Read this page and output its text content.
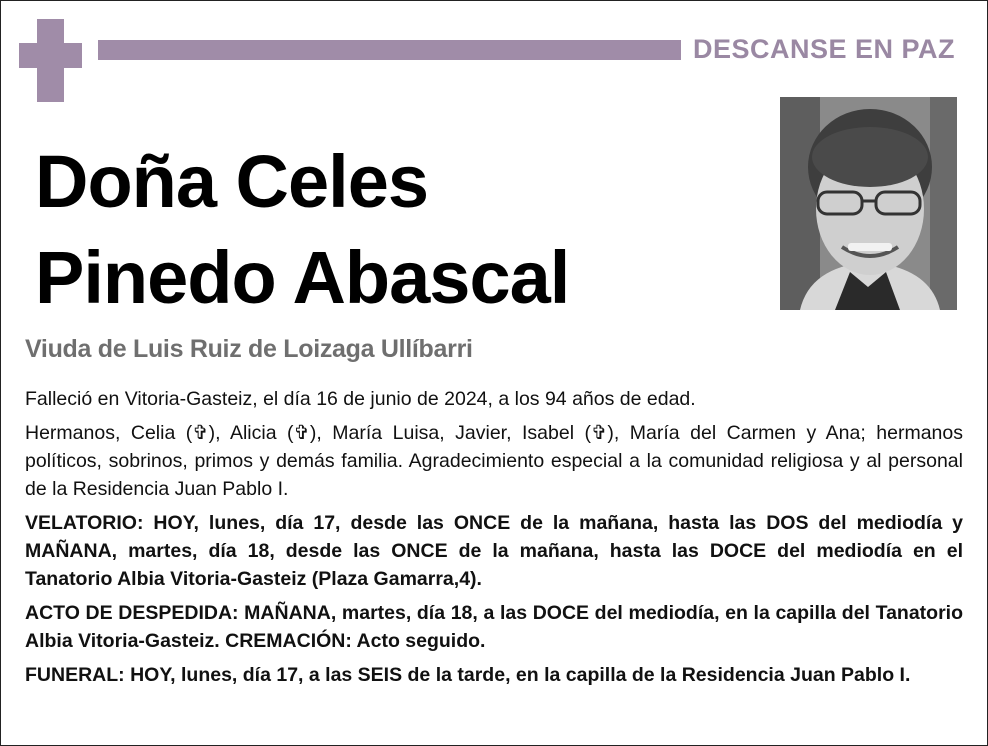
DESCANSE EN PAZ
Doña Celes
Pinedo Abascal
Viuda de Luis Ruiz de Loizaga Ullíbarri

Falleció en Vitoria-Gasteiz, el día 16 de junio de 2024, a los 94 años de edad.

Hermanos, Celia (✞), Alicia (✞), María Luisa, Javier, Isabel (✞), María del Carmen y Ana; hermanos políticos, sobrinos, primos y demás familia. Agradecimiento especial a la comunidad religiosa y al personal de la Residencia Juan Pablo I.

VELATORIO: HOY, lunes, día 17, desde las ONCE de la mañana, hasta las DOS del mediodía y MAÑANA, martes, día 18, desde las ONCE de la mañana, hasta las DOCE del mediodía en el Tanatorio Albia Vitoria-Gasteiz (Plaza Gamarra,4).

ACTO DE DESPEDIDA: MAÑANA, martes, día 18, a las DOCE del mediodía, en la capilla del Tanatorio Albia Vitoria-Gasteiz. CREMACIÓN: Acto seguido.

FUNERAL: HOY, lunes, día 17, a las SEIS de la tarde, en la capilla de la Residencia Juan Pablo I.
